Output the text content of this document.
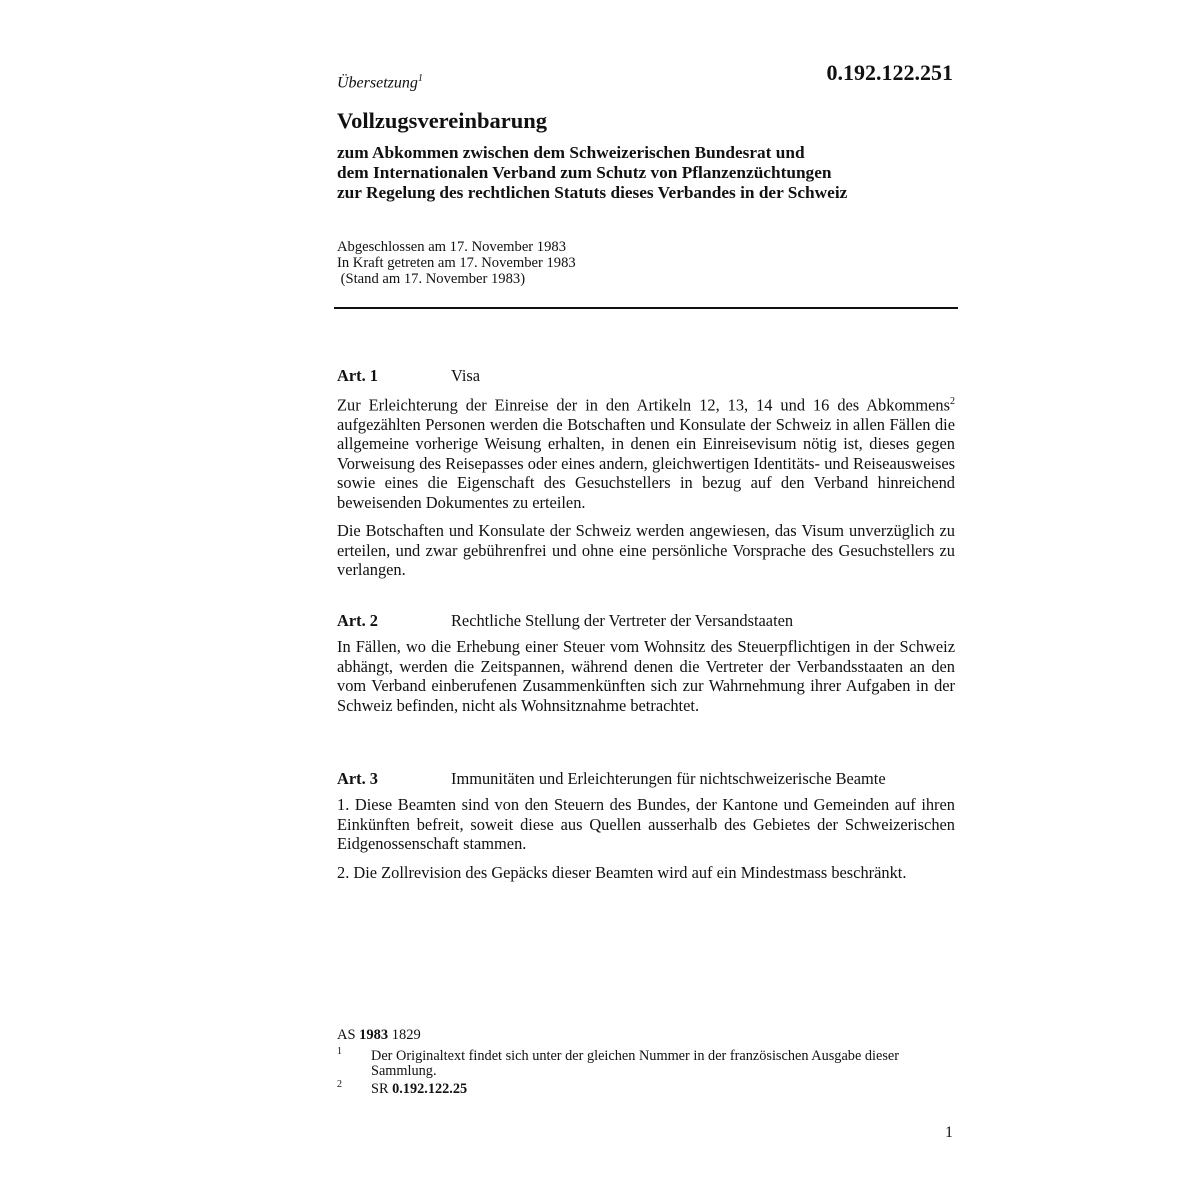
Übersetzung$^1$	0.192.122.251
Vollzugsvereinbarung
zum Abkommen zwischen dem Schweizerischen Bundesrat und
dem Internationalen Verband zum Schutz von Pflanzenzüchtungen
zur Regelung des rechtlichen Statuts dieses Verbandes in der Schweiz
Abgeschlossen am 17. November 1983
In Kraft getreten am 17. November 1983
(Stand am 17. November 1983)
Art. 1	Visa

Zur Erleichterung der Einreise der in den Artikeln 12, 13, 14 und 16 des Abkommens$^2$ aufgezählten Personen werden die Botschaften und Konsulate der Schweiz in allen Fällen die allgemeine vorherige Weisung erhalten, in denen ein Einreisevisum nötig ist, dieses gegen Vorweisung des Reisepasses oder eines andern, gleichwertigen Identitäts- und Reiseausweises sowie eines die Eigenschaft des Gesuchstellers in bezug auf den Verband hinreichend beweisenden Dokumentes zu erteilen.

Die Botschaften und Konsulate der Schweiz werden angewiesen, das Visum unverzüglich zu erteilen, und zwar gebührenfrei und ohne eine persönliche Vorsprache des Gesuchstellers zu verlangen.

Art. 2	Rechtliche Stellung der Vertreter der Versandstaaten

In Fällen, wo die Erhebung einer Steuer vom Wohnsitz des Steuerpflichtigen in der Schweiz abhängt, werden die Zeitspannen, während denen die Vertreter der Verbandsstaaten an den vom Verband einberufenen Zusammenkünften sich zur Wahrnehmung ihrer Aufgaben in der Schweiz befinden, nicht als Wohnsitznahme betrachtet.

Art. 3	Immunitäten und Erleichterungen für nichtschweizerische Beamte

1. Diese Beamten sind von den Steuern des Bundes, der Kantone und Gemeinden auf ihren Einkünften befreit, soweit diese aus Quellen ausserhalb des Gebietes der Schweizerischen Eidgenossenschaft stammen.

2. Die Zollrevision des Gepäcks dieser Beamten wird auf ein Mindestmass beschränkt.

AS 1983 1829
1 Der Originaltext findet sich unter der gleichen Nummer in der französischen Ausgabe dieser Sammlung.
2 SR 0.192.122.25
1
